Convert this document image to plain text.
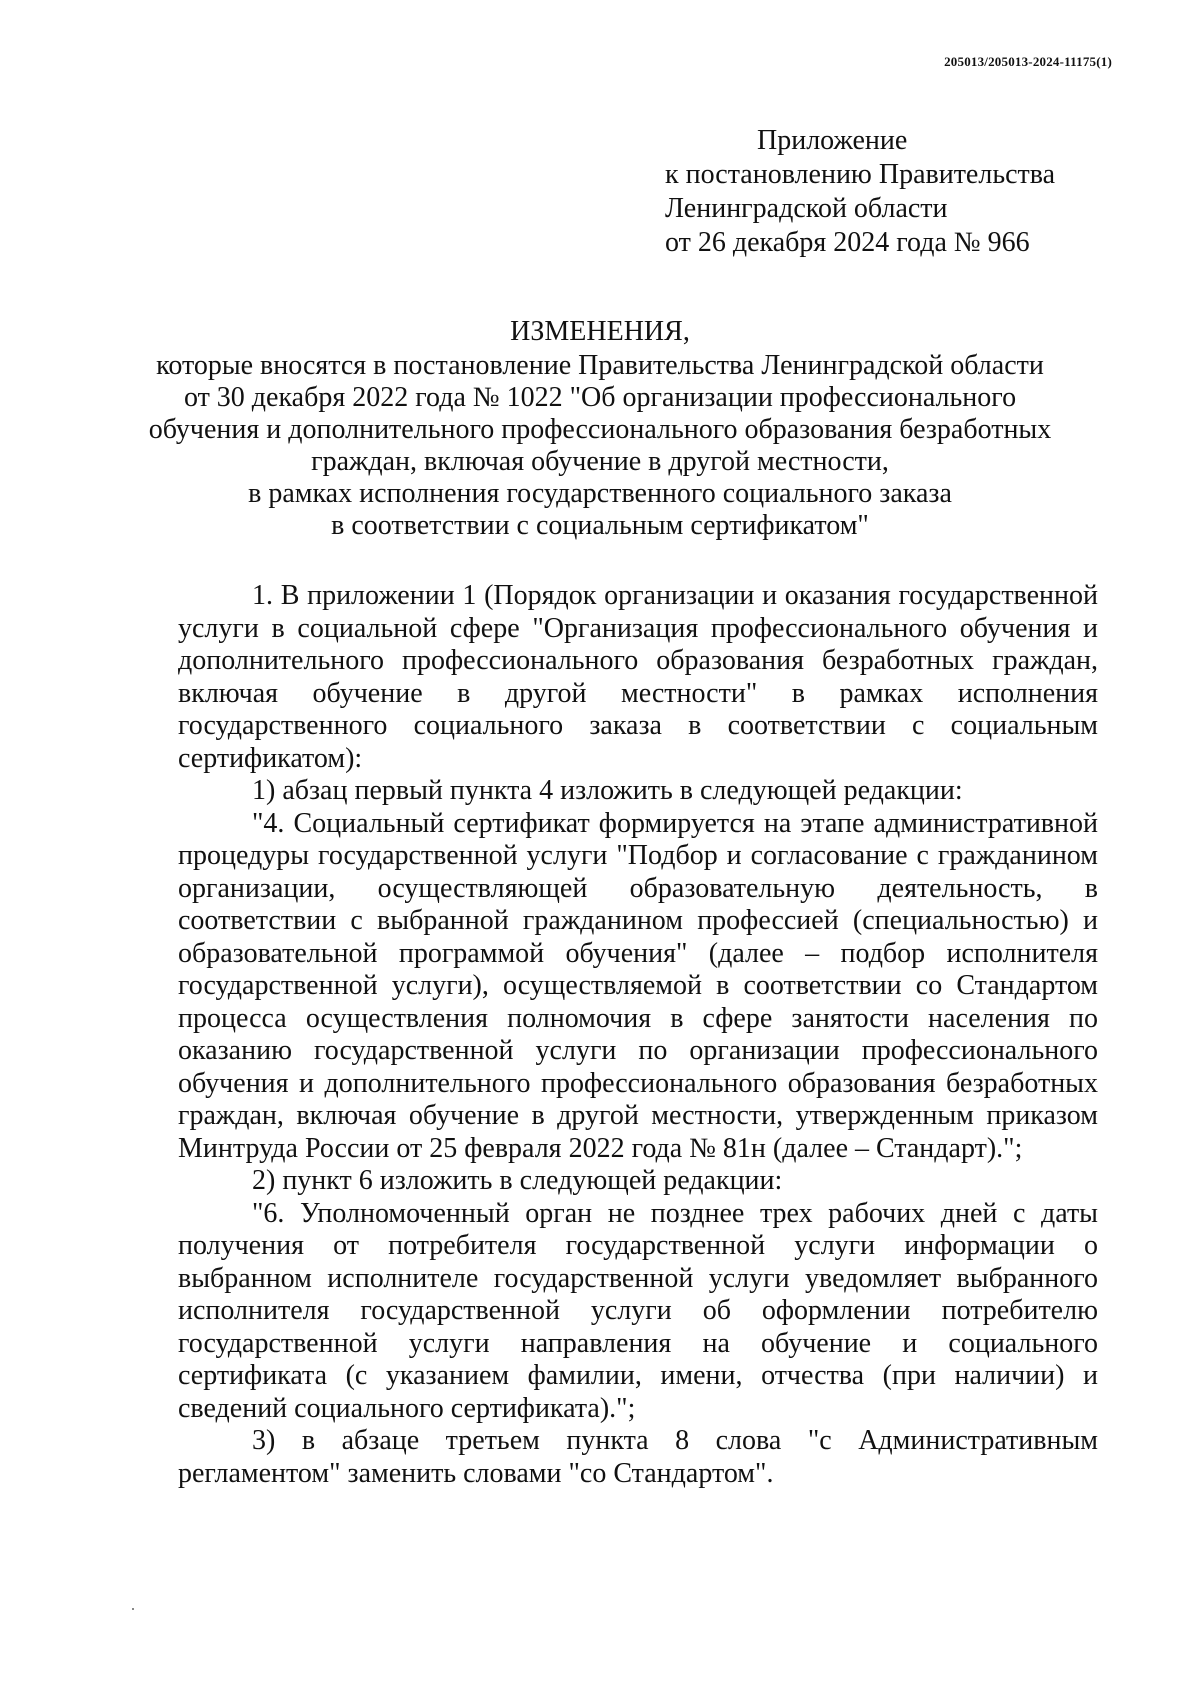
205013/205013-2024-11175(1)
Приложение
к постановлению Правительства
Ленинградской области
от 26 декабря 2024 года № 966
ИЗМЕНЕНИЯ,
которые вносятся в постановление Правительства Ленинградской области
от 30 декабря 2022 года № 1022 "Об организации профессионального
обучения и дополнительного профессионального образования безработных
граждан, включая обучение в другой местности,
в рамках исполнения государственного социального заказа
в соответствии с социальным сертификатом"

1. В приложении 1 (Порядок организации и оказания государственной услуги в социальной сфере "Организация профессионального обучения и дополнительного профессионального образования безработных граждан, включая обучение в другой местности" в рамках исполнения государственного социального заказа в соответствии с социальным сертификатом):

1) абзац первый пункта 4 изложить в следующей редакции:

"4. Социальный сертификат формируется на этапе административной процедуры государственной услуги "Подбор и согласование с гражданином организации, осуществляющей образовательную деятельность, в соответствии с выбранной гражданином профессией (специальностью) и образовательной программой обучения" (далее – подбор исполнителя государственной услуги), осуществляемой в соответствии со Стандартом процесса осуществления полномочия в сфере занятости населения по оказанию государственной услуги по организации профессионального обучения и дополнительного профессионального образования безработных граждан, включая обучение в другой местности, утвержденным приказом Минтруда России от 25 февраля 2022 года № 81н (далее – Стандарт).";

2) пункт 6 изложить в следующей редакции:

"6. Уполномоченный орган не позднее трех рабочих дней с даты получения от потребителя государственной услуги информации о выбранном исполнителе государственной услуги уведомляет выбранного исполнителя государственной услуги об оформлении потребителю государственной услуги направления на обучение и социального сертификата (с указанием фамилии, имени, отчества (при наличии) и сведений социального сертификата).";

3) в абзаце третьем пункта 8 слова "с Административным регламентом" заменить словами "со Стандартом".
